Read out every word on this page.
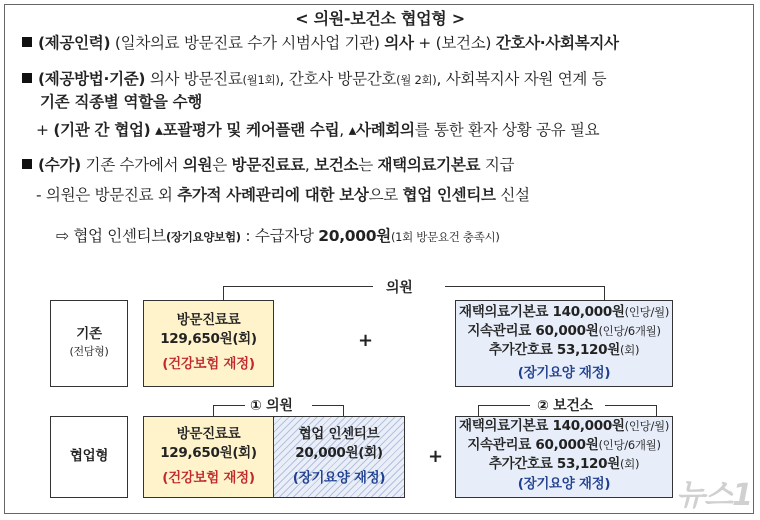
< 의원-보건소 협업형 >
(제공인력) (일차의료 방문진료 수가 시범사업 기관) 의사 + (보건소) 간호사·사회복지사
(제공방법·기준) 의사 방문진료(월1회), 간호사 방문간호(월 2회), 사회복지사 자원 연계 등
기존 직종별 역할을 수행
+ (기관 간 협업) ▴포괄평가 및 케어플랜 수립, ▴사례회의를 통한 환자 상황 공유 필요
(수가) 기존 수가에서 의원은 방문진료료, 보건소는 재택의료기본료 지급
- 의원은 방문진료 외 추가적 사례관리에 대한 보상으로 협업 인센티브 신설
⇨ 협업 인센티브(장기요양보험) : 수급자당 20,000원(1회 방문요건 충족시)
의원
기존
(전담형)
방문진료료
129,650원(회)
(건강보험 재정)
+
재택의료기본료 140,000원(인당/월)
지속관리료 60,000원(인당/6개월)
추가간호료 53,120원(회)
(장기요양 재정)
① 의원	② 보건소
협업형
방문진료료
129,650원(회)
(건강보험 재정)
협업 인센티브
20,000원(회)
(장기요양 재정)
+
재택의료기본료 140,000원(인당/월)
지속관리료 60,000원(인당/6개월)
추가간호료 53,120원(회)
(장기요양 재정)	뉴스1
